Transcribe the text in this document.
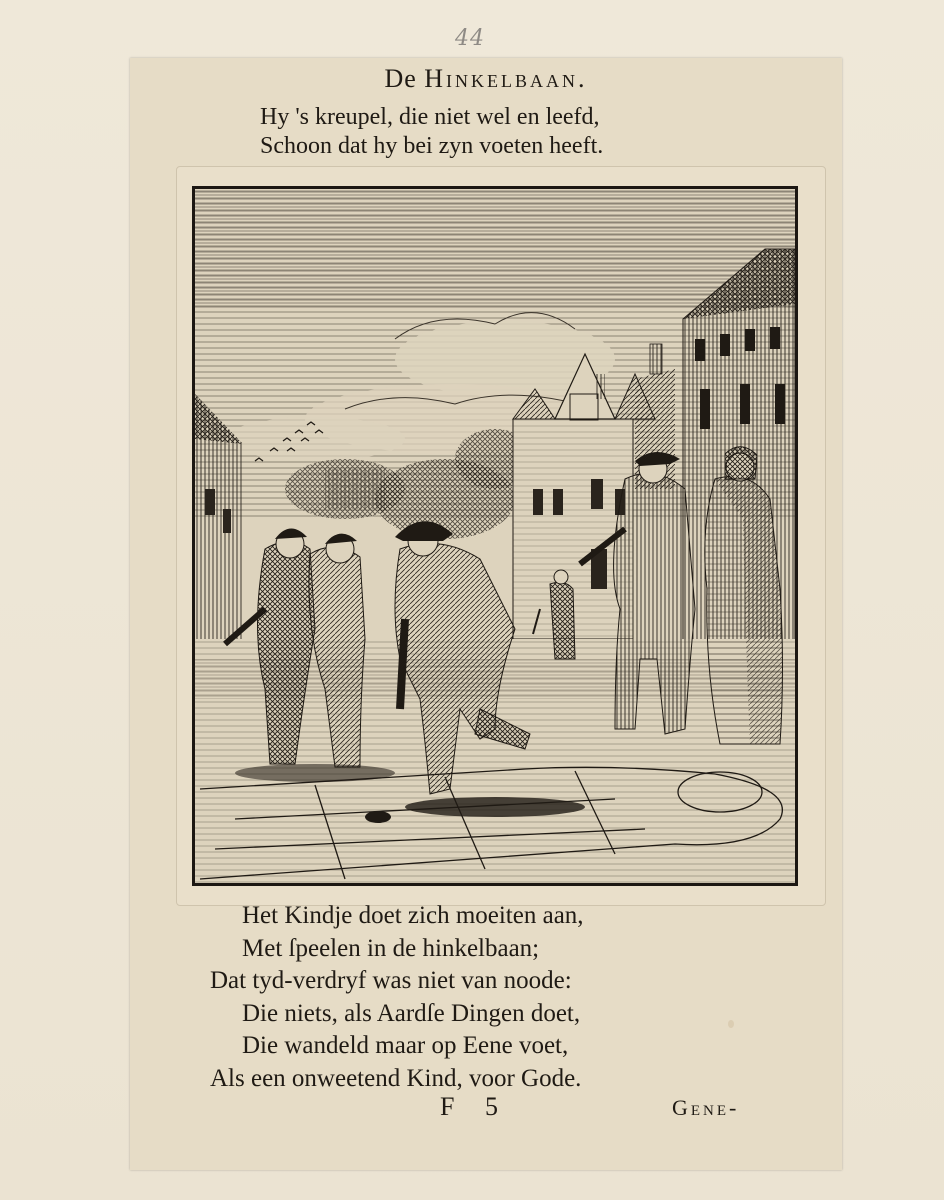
44
De Hinkelbaan.
Hy 's kreupel, die niet wel en leefd,
Schoon dat hy bei zyn voeten heeft.
Het Kindje doet zich moeiten aan,
Met ſpeelen in de hinkelbaan;
Dat tyd-verdryf was niet van noode:
Die niets, als Aardſe Dingen doet,
Die wandeld maar op Eene voet,
Als een onweetend Kind, voor Gode.
F 5	Gene-
